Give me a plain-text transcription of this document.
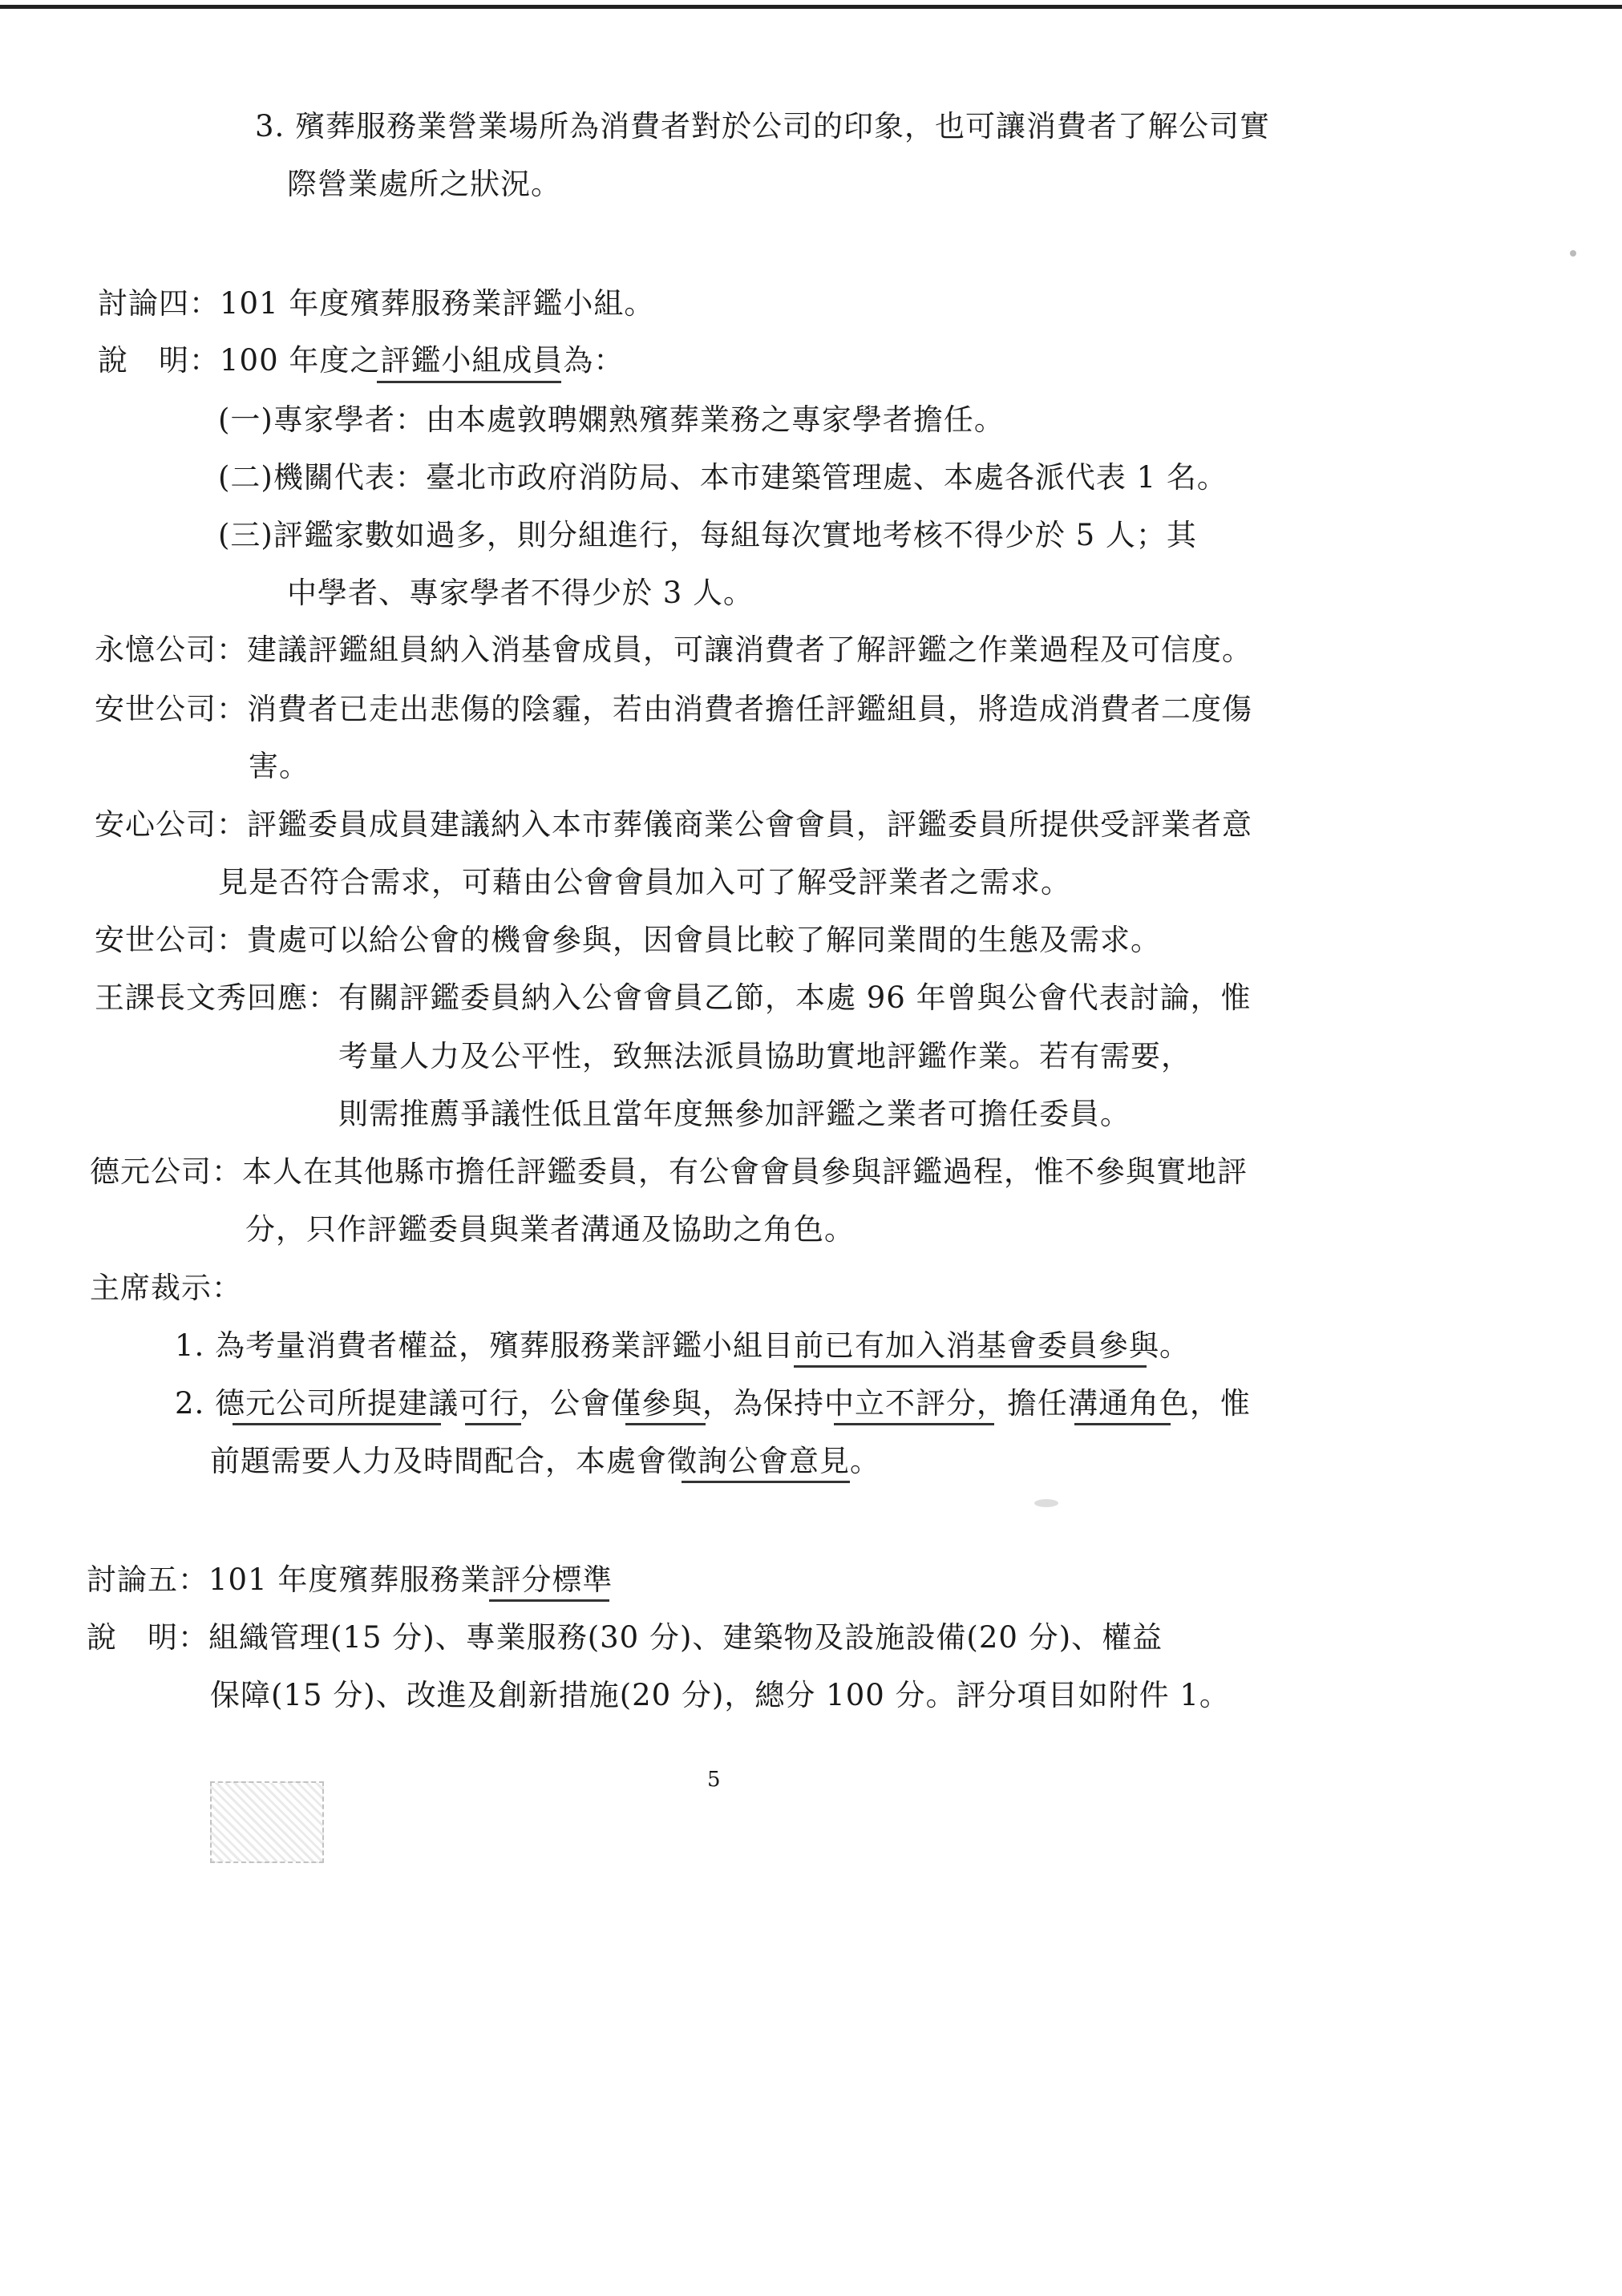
3. 殯葬服務業營業場所為消費者對於公司的印象，也可讓消費者了解公司實
際營業處所之狀況。
討論四：101 年度殯葬服務業評鑑小組。
說　明：100 年度之評鑑小組成員為：
(一)專家學者：由本處敦聘嫻熟殯葬業務之專家學者擔任。
(二)機關代表：臺北市政府消防局、本市建築管理處、本處各派代表 1 名。
(三)評鑑家數如過多，則分組進行，每組每次實地考核不得少於 5 人；其
中學者、專家學者不得少於 3 人。
永憶公司：建議評鑑組員納入消基會成員，可讓消費者了解評鑑之作業過程及可信度。
安世公司：消費者已走出悲傷的陰霾，若由消費者擔任評鑑組員，將造成消費者二度傷
害。
安心公司：評鑑委員成員建議納入本市葬儀商業公會會員，評鑑委員所提供受評業者意
見是否符合需求，可藉由公會會員加入可了解受評業者之需求。
安世公司：貴處可以給公會的機會參與，因會員比較了解同業間的生態及需求。
王課長文秀回應：有關評鑑委員納入公會會員乙節，本處 96 年曾與公會代表討論，惟
考量人力及公平性，致無法派員協助實地評鑑作業。若有需要，
則需推薦爭議性低且當年度無參加評鑑之業者可擔任委員。
德元公司：本人在其他縣市擔任評鑑委員，有公會會員參與評鑑過程，惟不參與實地評
分，只作評鑑委員與業者溝通及協助之角色。
主席裁示：
1. 為考量消費者權益，殯葬服務業評鑑小組目前已有加入消基會委員參與。
2. 德元公司所提建議可行，公會僅參與，為保持中立不評分，擔任溝通角色，惟
前題需要人力及時間配合，本處會徵詢公會意見。
討論五：101 年度殯葬服務業評分標準
說　明：組織管理(15 分)、專業服務(30 分)、建築物及設施設備(20 分)、權益
保障(15 分)、改進及創新措施(20 分)，總分 100 分。評分項目如附件 1。
5
